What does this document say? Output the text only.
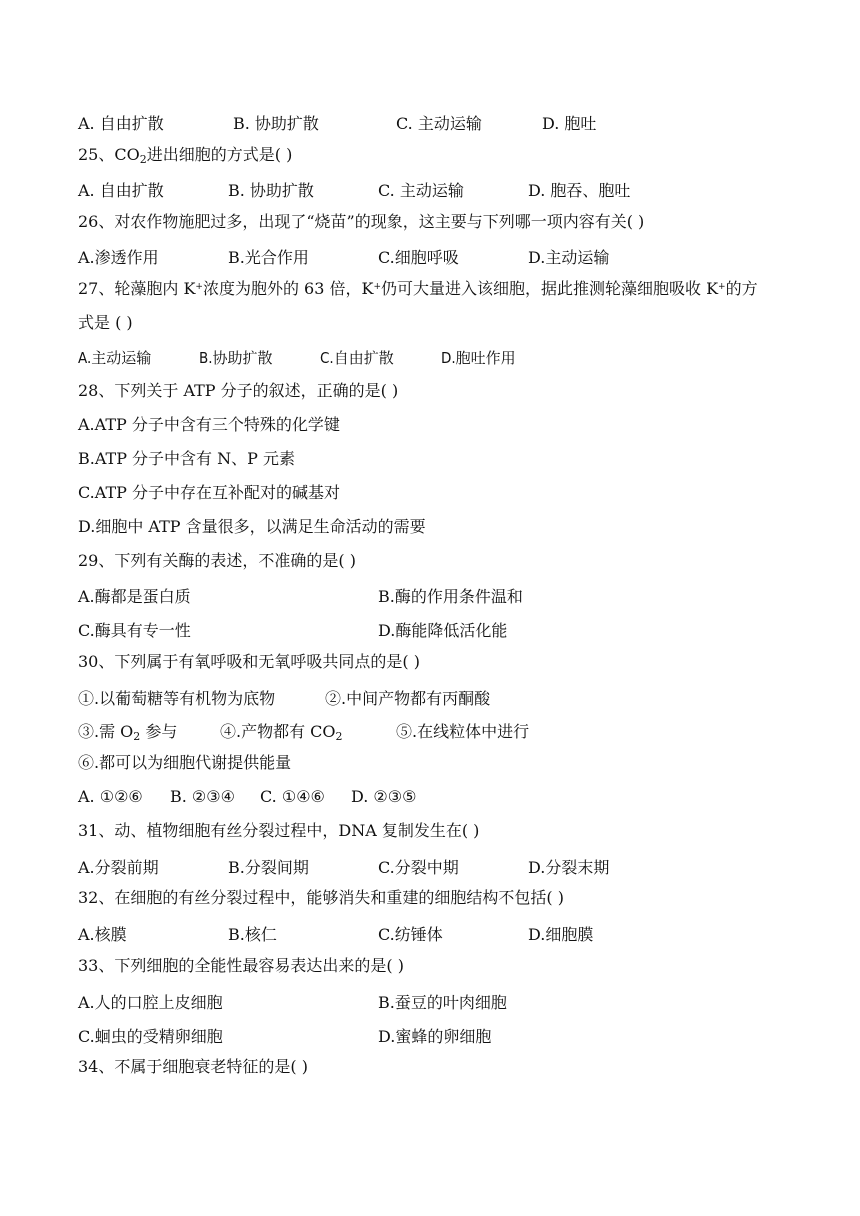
A. 自由扩散	B. 协助扩散	C. 主动运输	D. 胞吐
25、$CO_2$进出细胞的方式是( )
A. 自由扩散	B. 协助扩散	C. 主动运输	D. 胞吞、胞吐
26、对农作物施肥过多，出现了“烧苗”的现象，这主要与下列哪一项内容有关( )
A.渗透作用	B.光合作用	C.细胞呼吸	D.主动运输
27、轮藻胞内 K+浓度为胞外的 63 倍，K+仍可大量进入该细胞，据此推测轮藻细胞吸收 K+的方
式是 ( )
A.主动运输	B.协助扩散	C.自由扩散	D.胞吐作用
28、下列关于 ATP 分子的叙述，正确的是( )
A.ATP 分子中含有三个特殊的化学键
B.ATP 分子中含有 N、P 元素
C.ATP 分子中存在互补配对的碱基对
D.细胞中 ATP 含量很多，以满足生命活动的需要
29、下列有关酶的表述，不准确的是( )
A.酶都是蛋白质	B.酶的作用条件温和
C.酶具有专一性	D.酶能降低活化能
30、下列属于有氧呼吸和无氧呼吸共同点的是( )
①.以葡萄糖等有机物为底物	②.中间产物都有丙酮酸
③.需 $O_2$ 参与	④.产物都有 $CO_2$	⑤.在线粒体中进行
⑥.都可以为细胞代谢提供能量
A. ①②⑥ B. ②③④ C. ①④⑥ D. ②③⑤
31、动、植物细胞有丝分裂过程中，DNA 复制发生在( )
A.分裂前期	B.分裂间期	C.分裂中期	D.分裂末期
32、在细胞的有丝分裂过程中，能够消失和重建的细胞结构不包括( )
A.核膜	B.核仁	C.纺锤体	D.细胞膜
33、下列细胞的全能性最容易表达出来的是( )
A.人的口腔上皮细胞	B.蚕豆的叶肉细胞
C.蛔虫的受精卵细胞	D.蜜蜂的卵细胞
34、不属于细胞衰老特征的是( )
